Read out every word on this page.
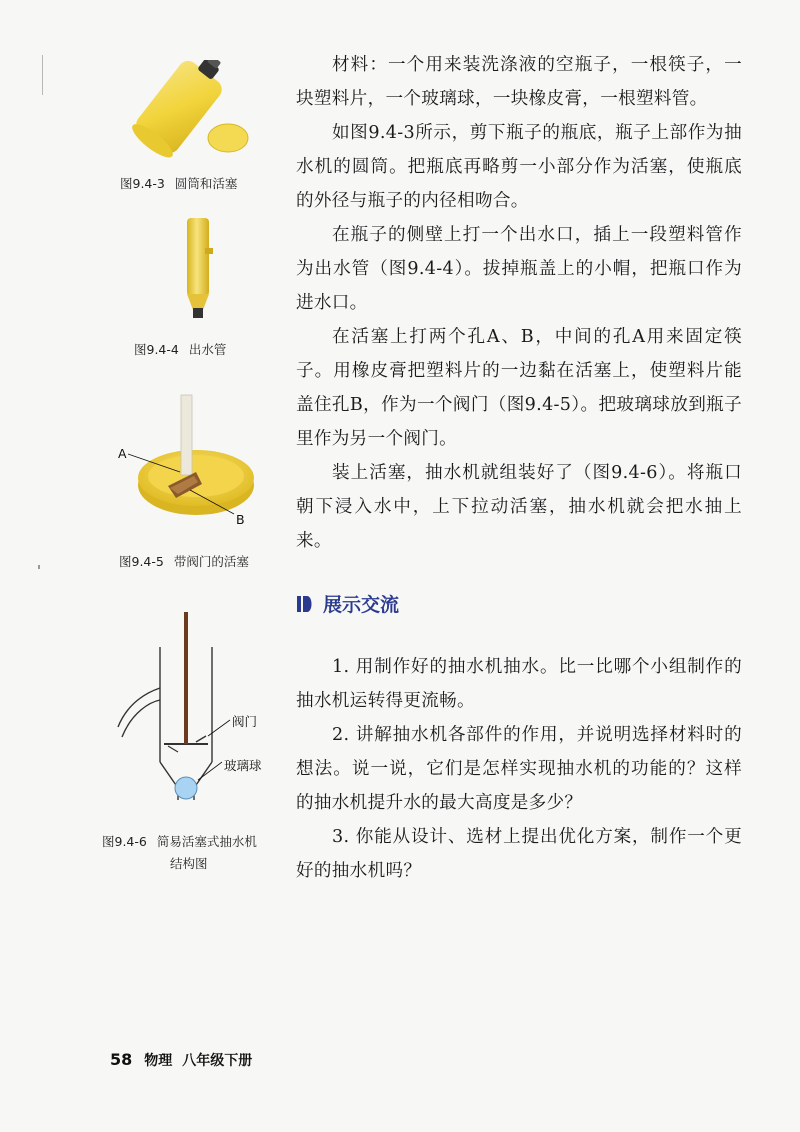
图9.4-3 圆筒和活塞
图9.4-4 出水管
A
B
图9.4-5 带阀门的活塞
阀门
玻璃球
图9.4-6 简易活塞式抽水机
结构图

材料：一个用来装洗涤液的空瓶子，一根筷子，一块塑料片，一个玻璃球，一块橡皮膏，一根塑料管。

如图9.4-3所示，剪下瓶子的瓶底，瓶子上部作为抽水机的圆筒。把瓶底再略剪一小部分作为活塞，使瓶底的外径与瓶子的内径相吻合。

在瓶子的侧壁上打一个出水口，插上一段塑料管作为出水管（图9.4-4）。拔掉瓶盖上的小帽，把瓶口作为进水口。

在活塞上打两个孔A、B，中间的孔A用来固定筷子。用橡皮膏把塑料片的一边黏在活塞上，使塑料片能盖住孔B，作为一个阀门（图9.4-5）。把玻璃球放到瓶子里作为另一个阀门。

装上活塞，抽水机就组装好了（图9.4-6）。将瓶口朝下浸入水中，上下拉动活塞，抽水机就会把水抽上来。

展示交流

1. 用制作好的抽水机抽水。比一比哪个小组制作的抽水机运转得更流畅。

2. 讲解抽水机各部件的作用，并说明选择材料时的想法。说一说，它们是怎样实现抽水机的功能的？这样的抽水机提升水的最大高度是多少？

3. 你能从设计、选材上提出优化方案，制作一个更好的抽水机吗？

58 物理 八年级下册
